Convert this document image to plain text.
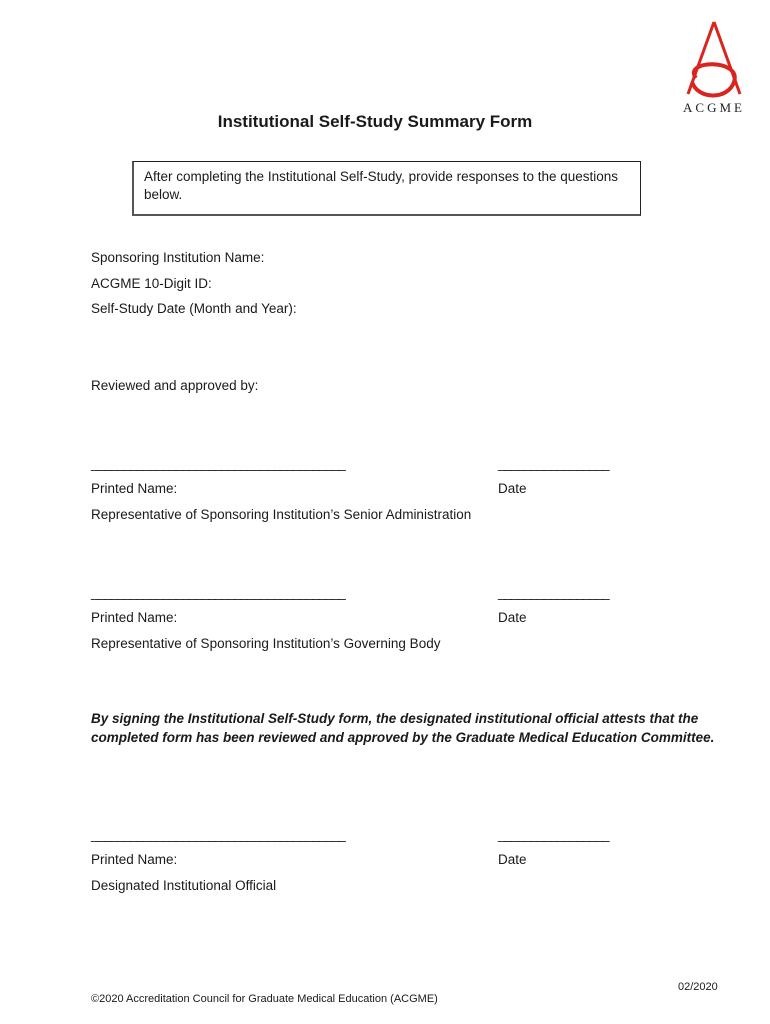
ACGME
Institutional Self-Study Summary Form
After completing the Institutional Self-Study, provide responses to the questions below.
Sponsoring Institution Name:
ACGME 10-Digit ID:
Self-Study Date (Month and Year):
Reviewed and approved by:
_______________________________________	_________________
Printed Name:	Date
Representative of Sponsoring Institution’s Senior Administration
_______________________________________	_________________
Printed Name:	Date
Representative of Sponsoring Institution’s Governing Body
By signing the Institutional Self-Study form, the designated institutional official attests that the completed form has been reviewed and approved by the Graduate Medical Education Committee.
_______________________________________	_________________
Printed Name:	Date
Designated Institutional Official
02/2020
©2020 Accreditation Council for Graduate Medical Education (ACGME)
